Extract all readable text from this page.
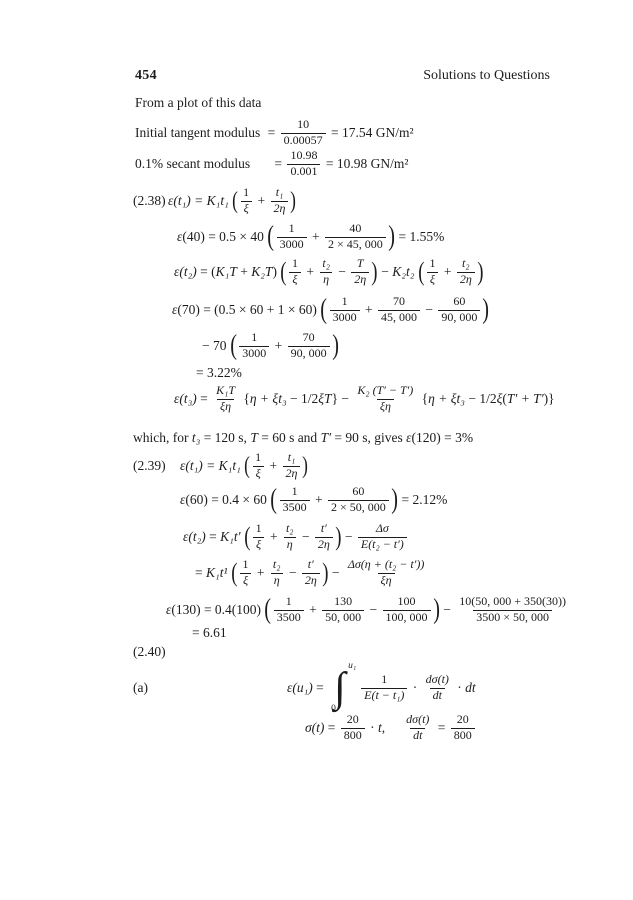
454	Solutions to Questions
From a plot of this data
Initial tangent modulus = $\frac{10}{0.00057} = 17.54$ GN/m²
0.1% secant modulus = $\frac{10.98}{0.001} = 10.98$ GN/m²
(2.38) ε(t₁) = K₁t₁ ( $\frac{1}{\xi} + \frac{\text{t₁}}{2\eta}$ )
ε (40) = 0.5 × 40 ( $\frac{1}{3000} + \frac{40}{2 \times 45, 000}$ ) = 1.55%
ε(t₂) = ( K₁T + K₂T ) ( $\frac{1}{\xi} + \frac{\text{t₂}}{\eta} - \frac{T}{2\eta}$ ) − K₂t₂ ( $\frac{1}{\xi} + \frac{\text{t₂}}{2\eta}$ )
ε (70) = (0.5 × 60 + 1 × 60) ( $\frac{1}{3000} + \frac{70}{45, 000} - \frac{60}{90, 000}$ )
− 70 ( $\frac{1}{3000} + \frac{70}{90, 000}$ )
= 3.22%
$\varepsilon(t_3) = \frac{\text{K₁T}}{\xi\eta}$ { η + ξt₃ − 1/2 ξT } − $\frac{\text{K₂ (T′ − T′)}}{\xi\eta}$ { η + ξt₃ − 1/2 ξ ( T′ + T′ )}
which, for t₃ = 120 s, T = 60 s and T′ = 90 s, gives ε (120) = 3%
(2.39) ε(t₁) = K₁t₁ ( $\frac{1}{\xi} + \frac{\text{t₁}}{2\eta}$ )
ε (60) = 0.4 × 60 ( $\frac{1}{3500} + \frac{60}{2 \times 50, 000}$ ) = 2.12%
ε(t₂) = K₁t′ ( $\frac{1}{\xi} + \frac{\text{t₂}}{\eta} - \frac{t'}{2\eta}$ ) − $\frac{\Delta\sigma}{\text{E(t₂ − t′)}}$
= K₁t¹ ( $\frac{1}{\xi} + \frac{\text{t₂}}{\eta} - \frac{t'}{2\eta}$ ) − $\frac{\text{Δσ(η + (t₂ − t′))}}{\xi\eta}$
ε (130) = 0.4(100) ( $\frac{1}{3500} + \frac{130}{50, 000} - \frac{100}{100, 000}$ ) − $\frac{10(50, 000 + 350(30))}{3500 \times 50, 000}$
= 6.61
(2.40)
(a)	ε(u₁) = ∫ u₁
0
$\frac{1}{\text{E(t − t₁)}} \cdot \frac{d\sigma(t)}{dt}$ · dt
$\sigma(t) = \frac{20}{800} \cdot t$ , $\frac{d\sigma(t)}{dt} = \frac{20}{800}$
